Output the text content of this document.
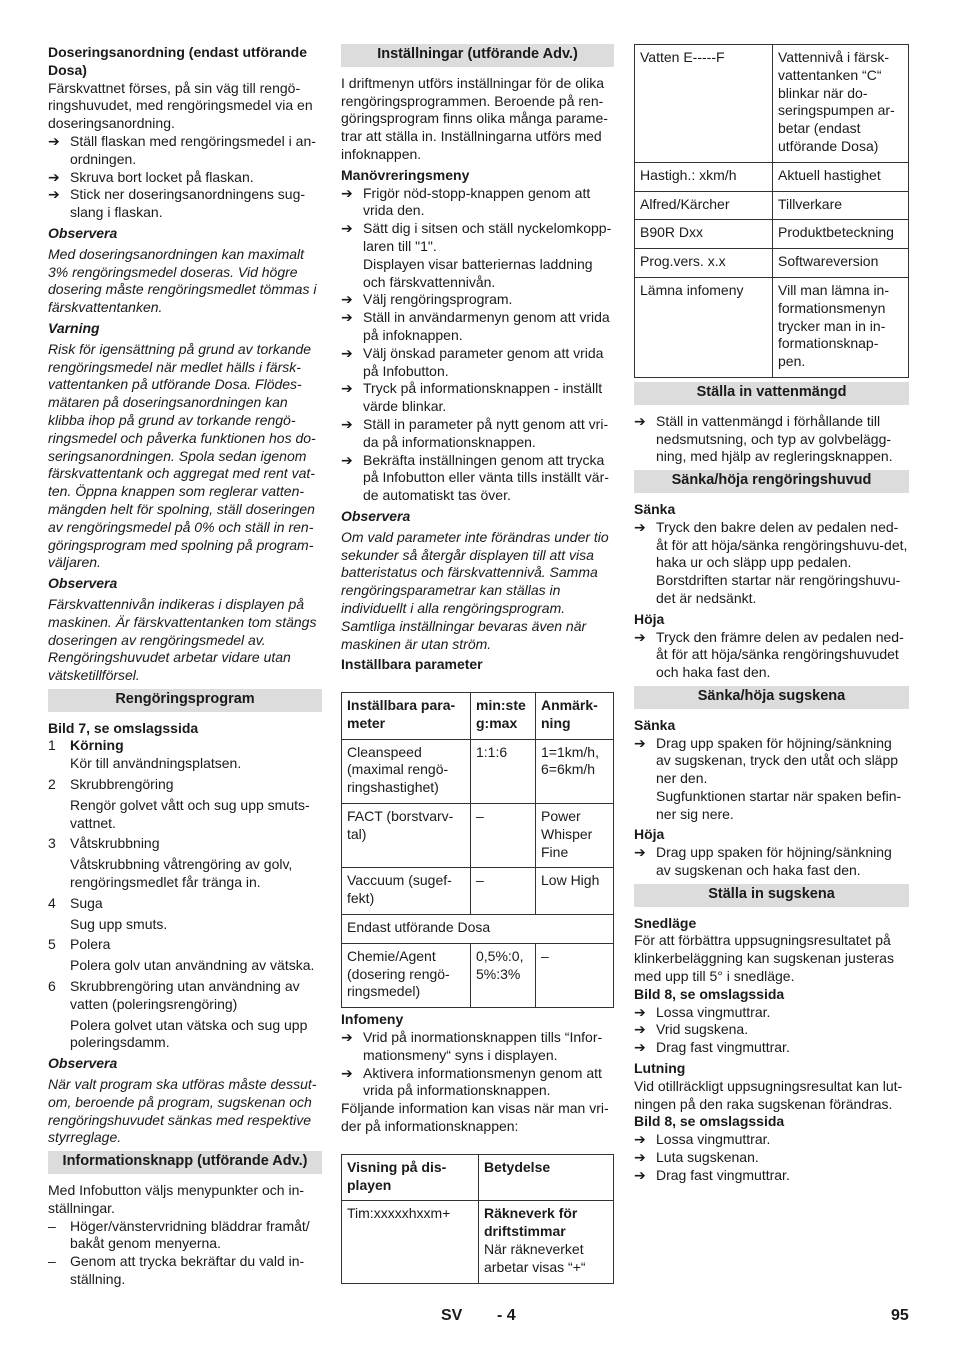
Doseringsanordning (endast utförande Dosa)

Färskvattnet förses, på sin väg till rengö-ringshuvudet, med rengöringsmedel via en doseringsanordning.

➔ Ställ flaskan med rengöringsmedel i an-ordningen.
➔ Skruva bort locket på flaskan.
➔ Stick ner doseringsanordningens sug-slang i flaskan.

Observera

Med doseringsanordningen kan maximalt 3% rengöringsmedel doseras. Vid högre dosering måste rengöringsmedlet tömmas i färskvattentanken.

Varning

Risk för igensättning på grund av torkande rengöringsmedel när medlet hälls i färsk-vattentanken på utförande Dosa. Flödes-mätaren på doseringsanordningen kan klibba ihop på grund av torkande rengö-ringsmedel och påverka funktionen hos do-seringsanordningen. Spola sedan igenom färskvattentank och aggregat med rent vat-ten. Öppna knappen som reglerar vatten-mängden helt för spolning, ställ doseringen av rengöringsmedel på 0% och ställ in ren-göringsprogram med spolning på program-väljaren.

Observera

Färskvattennivån indikeras i displayen på maskinen. Är färskvattentanken tom stängs doseringen av rengöringsmedel av. Rengöringshuvudet arbetar vidare utan vätsketillförsel.

Rengöringsprogram

Bild 7, se omslagssida

1 Körning
Kör till användningsplatsen.
2 Skrubbrengöring
Rengör golvet vått och sug upp smuts-vattnet.
3 Våtskrubbning
Våtskrubbning våtrengöring av golv, rengöringsmedlet får tränga in.
4 Suga
Sug upp smuts.
5 Polera
Polera golv utan användning av vätska.
6 Skrubbrengöring utan användning av vatten (poleringsrengöring)
Polera golvet utan vätska och sug upp poleringsdamm.

Observera

När valt program ska utföras måste dessut-om, beroende på program, sugskenan och rengöringshuvudet sänkas med respektive styrreglage.

Informationsknapp (utförande Adv.)

Med Infobutton väljs menypunkter och in-ställningar.

– Höger/vänstervridning bläddrar framåt/ bakåt genom menyerna.
– Genom att trycka bekräftar du vald in-ställning.
Inställningar (utförande Adv.)

I driftmenyn utförs inställningar för de olika rengöringsprogrammen. Beroende på ren-göringsprogram finns olika många parame-trar att ställa in. Inställningarna utförs med infoknappen.

Manövreringsmeny

➔ Frigör nöd-stopp-knappen genom att vrida den.
➔ Sätt dig i sitsen och ställ nyckelomkopp-laren till "1".
Displayen visar batteriernas laddning och färskvattennivån.
➔ Välj rengöringsprogram.
➔ Ställ in användarmenyn genom att vrida på infoknappen.
➔ Välj önskad parameter genom att vrida på Infobutton.
➔ Tryck på informationsknappen - inställt värde blinkar.
➔ Ställ in parameter på nytt genom att vri-da på informationsknappen.
➔ Bekräfta inställningen genom att trycka på Infobutton eller vänta tills inställt vär-de automatiskt tas över.

Observera

Om vald parameter inte förändras under tio sekunder så återgår displayen till att visa batteristatus och färskvattennivå. Samma rengöringsparametrar kan ställas in individuellt i alla rengöringsprogram. Samtliga inställningar bevaras även när maskinen är utan ström.

Inställbara parameter

Inställbara para-meter	min:ste g:max	Anmärk-ning
Cleanspeed (maximal rengö-ringshastighet)	1:1:6	1=1km/h, 6=6km/h
FACT (borstvarv-tal)	–	Power Whisper Fine
Vaccuum (sugef-fekt)	–	Low High
Endast utförande Dosa		
Chemie/Agent (dosering rengö-ringsmedel)	0,5%:0, 5%:3%	–

Infomeny

➔ Vrid på inormationsknappen tills “Infor-mationsmeny“ syns i displayen.
➔ Aktivera informationsmenyn genom att vrida på informationsknappen.

Följande information kan visas när man vri-der på informationsknappen:

Visning på dis-playen	Betydelse
Tim:xxxxxhxxm+	Räkneverk för driftstimmar
När räkneverket arbetar visas “+“
Vatten E-----F	Vattennivå i färsk-vattentanken “C“ blinkar när do-seringspumpen ar-betar (endast utförande Dosa)
Hastigh.: xkm/h	Aktuell hastighet
Alfred/Kärcher	Tillverkare
B90R Dxx	Produktbeteckning
Prog.vers. x.x	Softwareversion
Lämna infomeny	Vill man lämna in-formationsmenyn trycker man in in-formationsknap-pen.
Ställa in vattenmängd
➔ Ställ in vattenmängd i förhållande till nedsmutsning, och typ av golvbelägg-ning, med hjälp av regleringsknappen.
Sänka/höja rengöringshuvud

Sänka

➔ Tryck den bakre delen av pedalen ned-åt för att höja/sänka rengöringshuvu-det, haka ur och släpp upp pedalen.
Borstdriften startar när rengöringshuvu-det är nedsänkt.

Höja

➔ Tryck den främre delen av pedalen ned-åt för att höja/sänka rengöringshuvudet och haka fast den.
Sänka/höja sugskena

Sänka

➔ Drag upp spaken för höjning/sänkning av sugskenan, tryck den utåt och släpp ner den.
Sugfunktionen startar när spaken befin-ner sig nere.

Höja

➔ Drag upp spaken för höjning/sänkning av sugskenan och haka fast den.
Ställa in sugskena

Snedläge

För att förbättra uppsugningsresultatet på klinkerbeläggning kan sugskenan justeras med upp till 5° i snedläge.

Bild 8, se omslagssida

➔ Lossa vingmuttrar.
➔ Vrid sugskena.
➔ Drag fast vingmuttrar.

Lutning

Vid otillräckligt uppsugningsresultat kan lut-ningen på den raka sugskenan förändras.

Bild 8, se omslagssida

➔ Lossa vingmuttrar.
➔ Luta sugskenan.
➔ Drag fast vingmuttrar.
SV - 4	95
